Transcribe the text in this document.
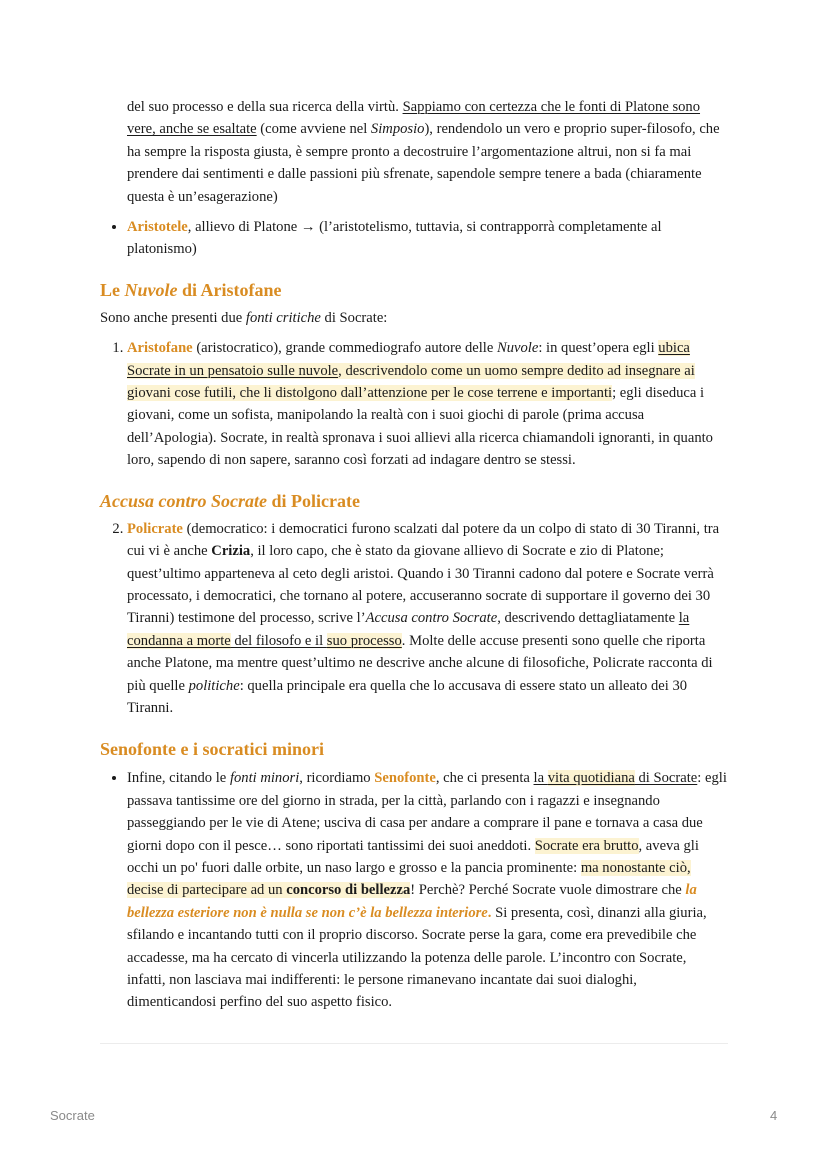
del suo processo e della sua ricerca della virtù. Sappiamo con certezza che le fonti di Platone sono vere, anche se esaltate (come avviene nel Simposio), rendendolo un vero e proprio super-filosofo, che ha sempre la risposta giusta, è sempre pronto a decostruire l’argomentazione altrui, non si fa mai prendere dai sentimenti e dalle passioni più sfrenate, sapendole sempre tenere a bada (chiaramente questa è un’esagerazione)

• Aristotele, allievo di Platone → (l’aristotelismo, tuttavia, si contrapporrà completamente al platonismo)
Le Nuvole di Aristofane

Sono anche presenti due fonti critiche di Socrate:

1. Aristofane (aristocratico), grande commediografo autore delle Nuvole: in quest’opera egli ubica Socrate in un pensatoio sulle nuvole, descrivendolo come un uomo sempre dedito ad insegnare ai giovani cose futili, che li distolgono dall’attenzione per le cose terrene e importanti; egli diseduca i giovani, come un sofista, manipolando la realtà con i suoi giochi di parole (prima accusa dell’Apologia). Socrate, in realtà spronava i suoi allievi alla ricerca chiamandoli ignoranti, in quanto loro, sapendo di non sapere, saranno così forzati ad indagare dentro se stessi.
Accusa contro Socrate di Policrate
2. Policrate (democratico: i democratici furono scalzati dal potere da un colpo di stato di 30 Tiranni, tra cui vi è anche Crizia, il loro capo, che è stato da giovane allievo di Socrate e zio di Platone; quest’ultimo apparteneva al ceto degli aristoi. Quando i 30 Tiranni cadono dal potere e Socrate verrà processato, i democratici, che tornano al potere, accuseranno socrate di supportare il governo dei 30 Tiranni) testimone del processo, scrive l’Accusa contro Socrate, descrivendo dettagliatamente la condanna a morte del filosofo e il suo processo. Molte delle accuse presenti sono quelle che riporta anche Platone, ma mentre quest’ultimo ne descrive anche alcune di filosofiche, Policrate racconta di più quelle politiche: quella principale era quella che lo accusava di essere stato un alleato dei 30 Tiranni.
Senofonte e i socratici minori
• Infine, citando le fonti minori, ricordiamo Senofonte, che ci presenta la vita quotidiana di Socrate: egli passava tantissime ore del giorno in strada, per la città, parlando con i ragazzi e insegnando passeggiando per le vie di Atene; usciva di casa per andare a comprare il pane e tornava a casa due giorni dopo con il pesce… sono riportati tantissimi dei suoi aneddoti. Socrate era brutto, aveva gli occhi un po' fuori dalle orbite, un naso largo e grosso e la pancia prominente: ma nonostante ciò, decise di partecipare ad un concorso di bellezza! Perchè? Perché Socrate vuole dimostrare che la bellezza esteriore non è nulla se non c’è la bellezza interiore. Si presenta, così, dinanzi alla giuria, sfilando e incantando tutti con il proprio discorso. Socrate perse la gara, come era prevedibile che accadesse, ma ha cercato di vincerla utilizzando la potenza delle parole. L’incontro con Socrate, infatti, non lasciava mai indifferenti: le persone rimanevano incantate dai suoi dialoghi, dimenticandosi perfino del suo aspetto fisico.
Socrate	4
